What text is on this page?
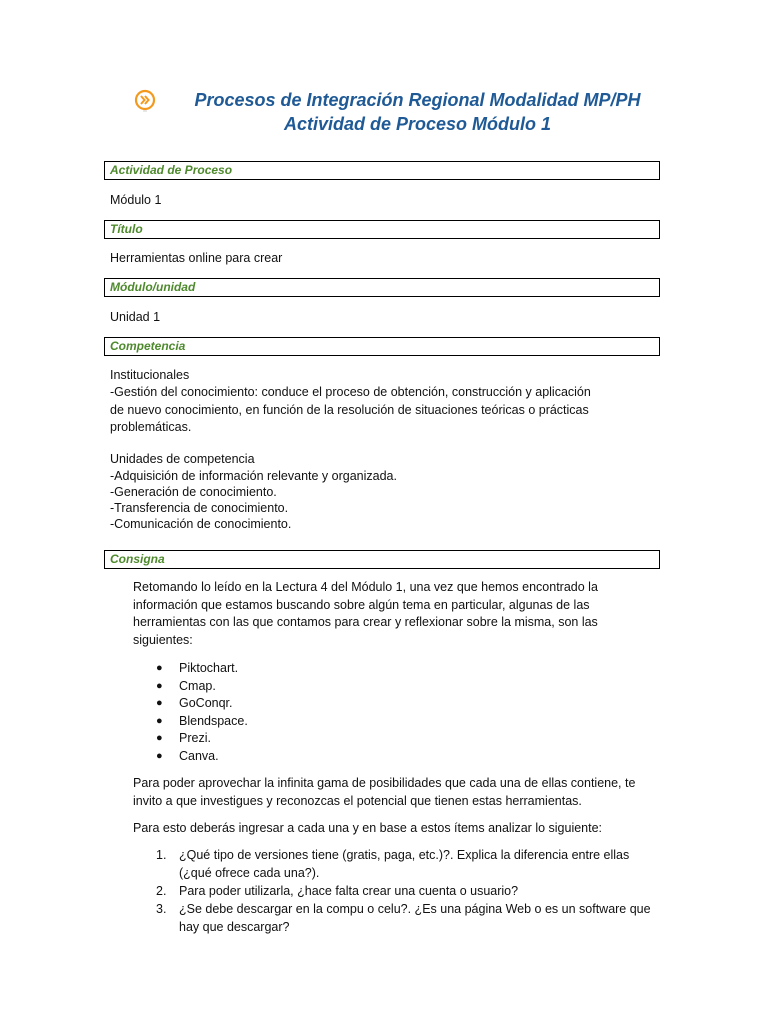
Procesos de Integración Regional Modalidad MP/PH
Actividad de Proceso Módulo 1
Actividad de Proceso
Módulo 1
Título
Herramientas online para crear
Módulo/unidad
Unidad 1
Competencia
Institucionales
-Gestión del conocimiento: conduce el proceso de obtención, construcción y aplicación
de nuevo conocimiento, en función de la resolución de situaciones teóricas o prácticas
problemáticas.
Unidades de competencia
-Adquisición de información relevante y organizada.
-Generación de conocimiento.
-Transferencia de conocimiento.
-Comunicación de conocimiento.
Consigna
Retomando lo leído en la Lectura 4 del Módulo 1, una vez que hemos encontrado la información que estamos buscando sobre algún tema en particular, algunas de las herramientas con las que contamos para crear y reflexionar sobre la misma, son las siguientes:
● Piktochart.
● Cmap.
● GoConqr.
● Blendspace.
● Prezi.
● Canva.
Para poder aprovechar la infinita gama de posibilidades que cada una de ellas contiene, te invito a que investigues y reconozcas el potencial que tienen estas herramientas.
Para esto deberás ingresar a cada una y en base a estos ítems analizar lo siguiente:
1. ¿Qué tipo de versiones tiene (gratis, paga, etc.)?. Explica la diferencia entre ellas (¿qué ofrece cada una?).
2. Para poder utilizarla, ¿hace falta crear una cuenta o usuario?
3. ¿Se debe descargar en la compu o celu?. ¿Es una página Web o es un software que hay que descargar?
